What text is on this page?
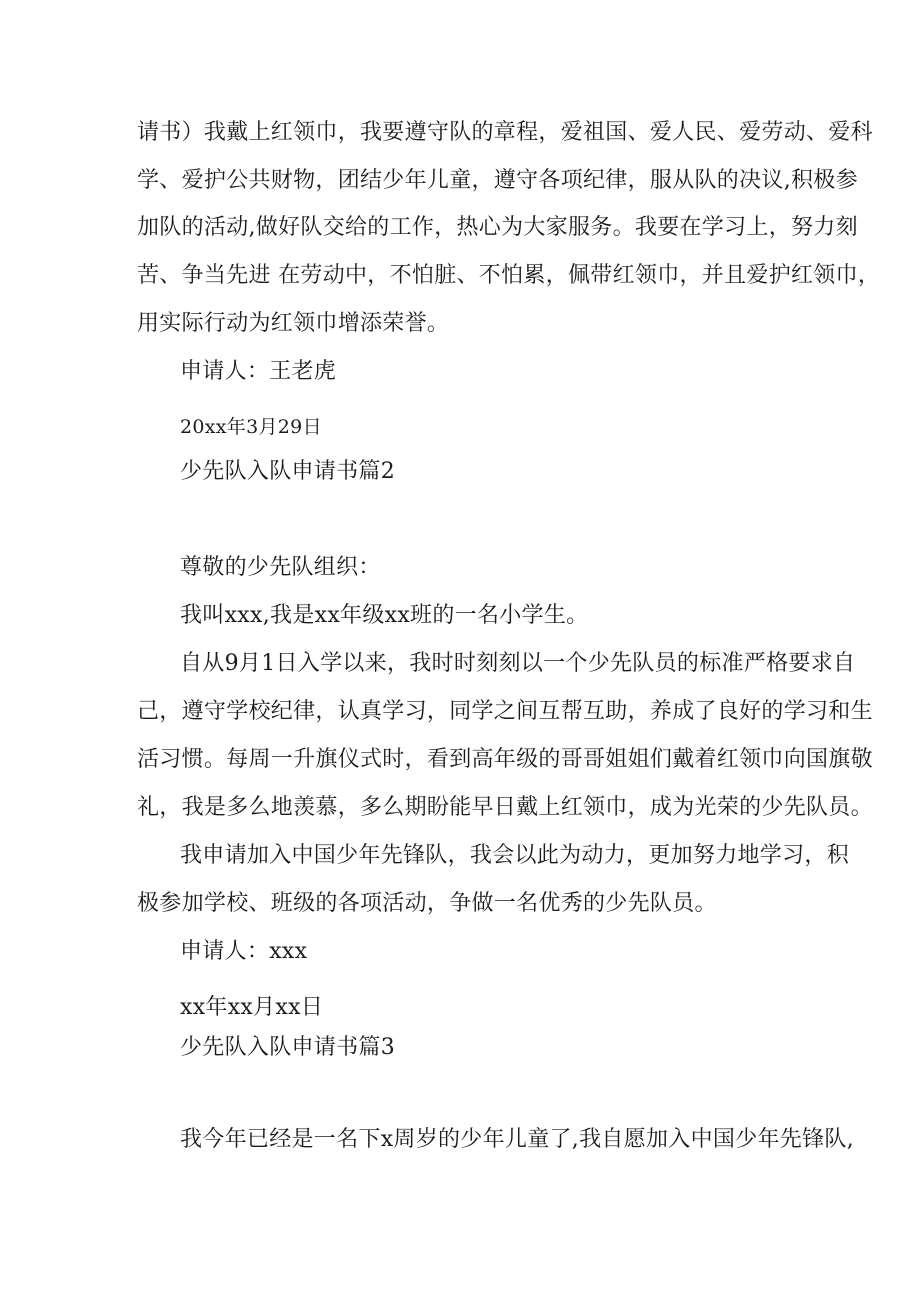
请书）我戴上红领巾，我要遵守队的章程，爱祖国、爱人民、爱劳动、爱科
学、爱护公共财物，团结少年儿童，遵守各项纪律，服从队的决议,积极参
加队的活动,做好队交给的工作，热心为大家服务。我要在学习上，努力刻
苦、争当先进 在劳动中，不怕脏、不怕累，佩带红领巾，并且爱护红领巾，
用实际行动为红领巾增添荣誉。
申请人：王老虎
20xx年3月29日
少先队入队申请书篇2
尊敬的少先队组织：
我叫xxx,我是xx年级xx班的一名小学生。
自从9月1日入学以来，我时时刻刻以一个少先队员的标准严格要求自
己，遵守学校纪律，认真学习，同学之间互帮互助，养成了良好的学习和生
活习惯。每周一升旗仪式时，看到高年级的哥哥姐姐们戴着红领巾向国旗敬
礼，我是多么地羡慕，多么期盼能早日戴上红领巾，成为光荣的少先队员。
我申请加入中国少年先锋队，我会以此为动力，更加努力地学习，积
极参加学校、班级的各项活动，争做一名优秀的少先队员。
申请人：xxx
xx年xx月xx日
少先队入队申请书篇3
我今年已经是一名下x周岁的少年儿童了,我自愿加入中国少年先锋队,
